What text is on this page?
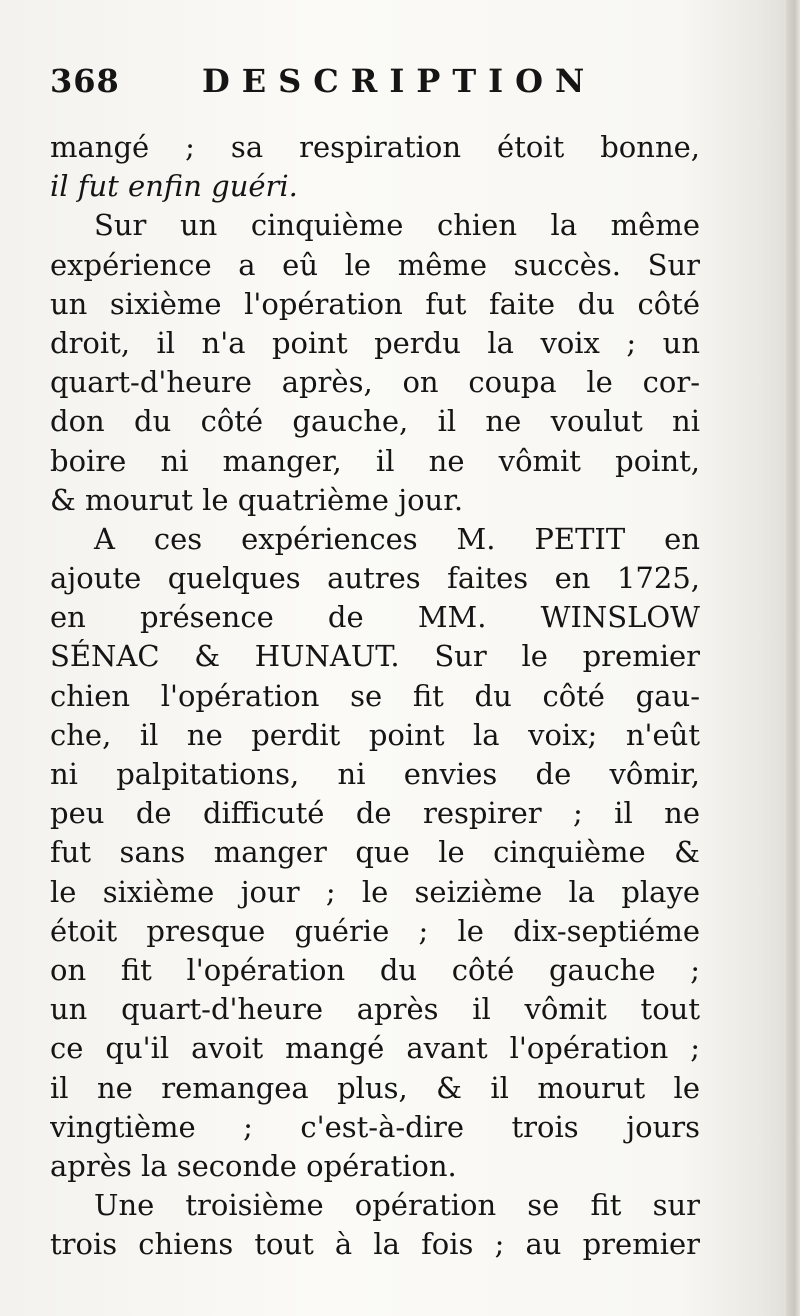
368	DESCRIPTION
mangé ; sa respiration étoit bonne,
il fut enfin guéri.
Sur un cinquième chien la même
expérience a eû le même succès. Sur
un sixième l'opération fut faite du côté
droit, il n'a point perdu la voix ; un
quart-d'heure après, on coupa le cor-
don du côté gauche, il ne voulut ni
boire ni manger, il ne vômit point,
& mourut le quatrième jour.
A ces expériences M. PETIT en
ajoute quelques autres faites en 1725,
en présence de MM. WINSLOW
SÉNAC & HUNAUT. Sur le premier
chien l'opération se fit du côté gau-
che, il ne perdit point la voix; n'eût
ni palpitations, ni envies de vômir,
peu de difficuté de respirer ; il ne
fut sans manger que le cinquième &
le sixième jour ; le seizième la playe
étoit presque guérie ; le dix-septiéme
on fit l'opération du côté gauche ;
un quart-d'heure après il vômit tout
ce qu'il avoit mangé avant l'opération ;
il ne remangea plus, & il mourut le
vingtième ; c'est-à-dire trois jours
après la seconde opération.
Une troisième opération se fit sur
trois chiens tout à la fois ; au premier
